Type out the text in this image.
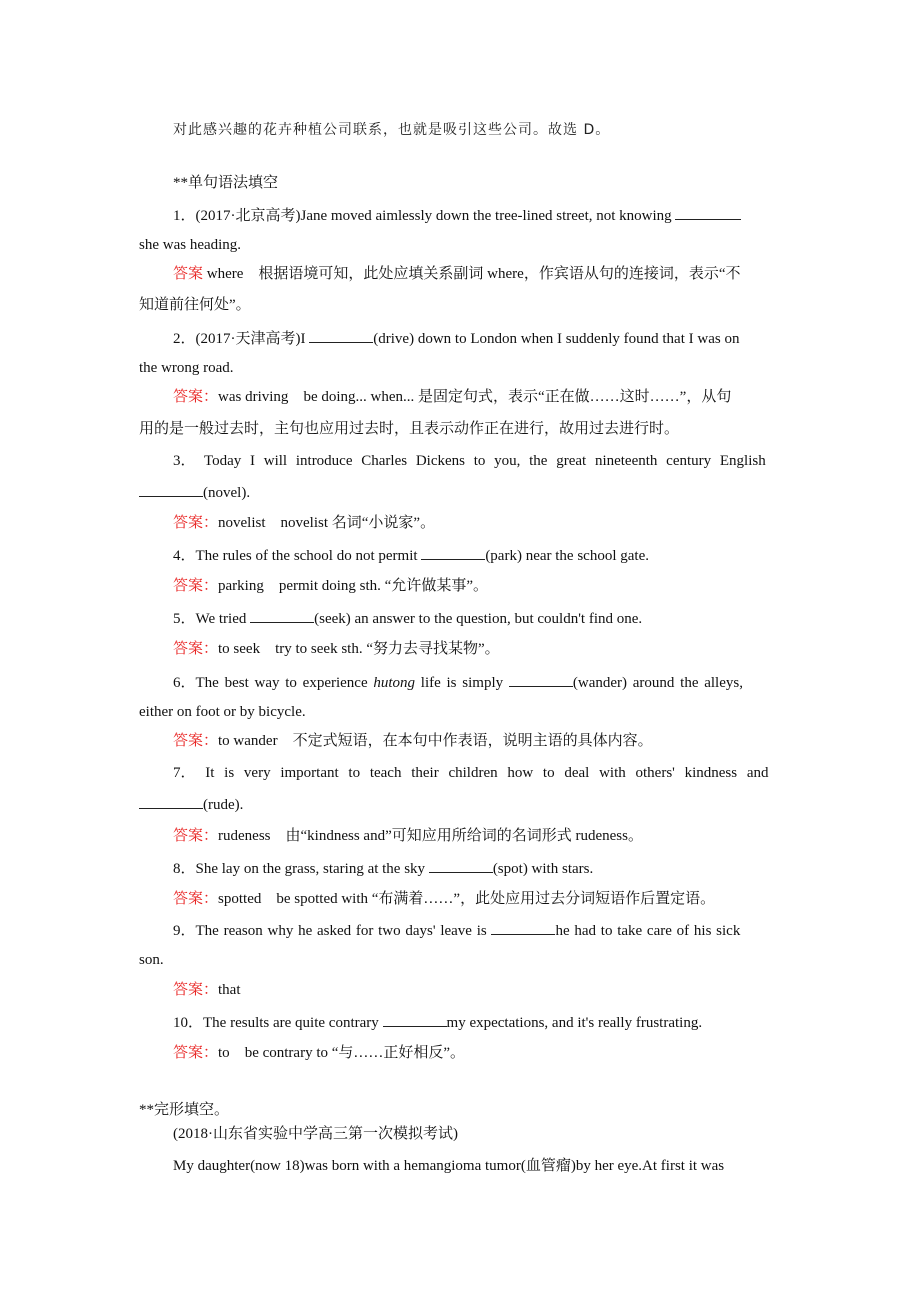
对此感兴趣的花卉种植公司联系，也就是吸引这些公司。故选 D。
**单句语法填空
1．(2017·北京高考)Jane moved aimlessly down the tree-lined street, not knowing
she was heading.
答案 where 根据语境可知，此处应填关系副词 where，作宾语从句的连接词，表示“不
知道前往何处”。
2．(2017·天津高考)I	(drive) down to London when I suddenly found that I was on
the wrong road.
答案：was driving be doing... when... 是固定句式，表示“正在做……这时……”，从句
用的是一般过去时，主句也应用过去时，且表示动作正在进行，故用过去进行时。
3． Today I will introduce Charles Dickens to you, the great nineteenth century English
(novel).
答案：novelist novelist 名词“小说家”。
4．The rules of the school do not permit	(park) near the school gate.
答案：parking permit doing sth. “允许做某事”。
5．We tried	(seek) an answer to the question, but couldn't find one.
答案：to seek try to seek sth. “努力去寻找某物”。
6．The best way to experience hutong life is simply	(wander) around the alleys,
either on foot or by bicycle.
答案：to wander 不定式短语，在本句中作表语，说明主语的具体内容。
7． It is very important to teach their children how to deal with others' kindness and
(rude).
答案：rudeness 由“kindness and”可知应用所给词的名词形式 rudeness。
8．She lay on the grass, staring at the sky	(spot) with stars.
答案：spotted be spotted with “布满着……”，此处应用过去分词短语作后置定语。
9．The reason why he asked for two days' leave is	he had to take care of his sick
son.
答案：that
10．The results are quite contrary	my expectations, and it's really frustrating.
答案：to be contrary to “与……正好相反”。
**完形填空。
(2018·山东省实验中学高三第一次模拟考试)
My daughter(now 18)was born with a hemangioma tumor(血管瘤)by her eye.At first it was
